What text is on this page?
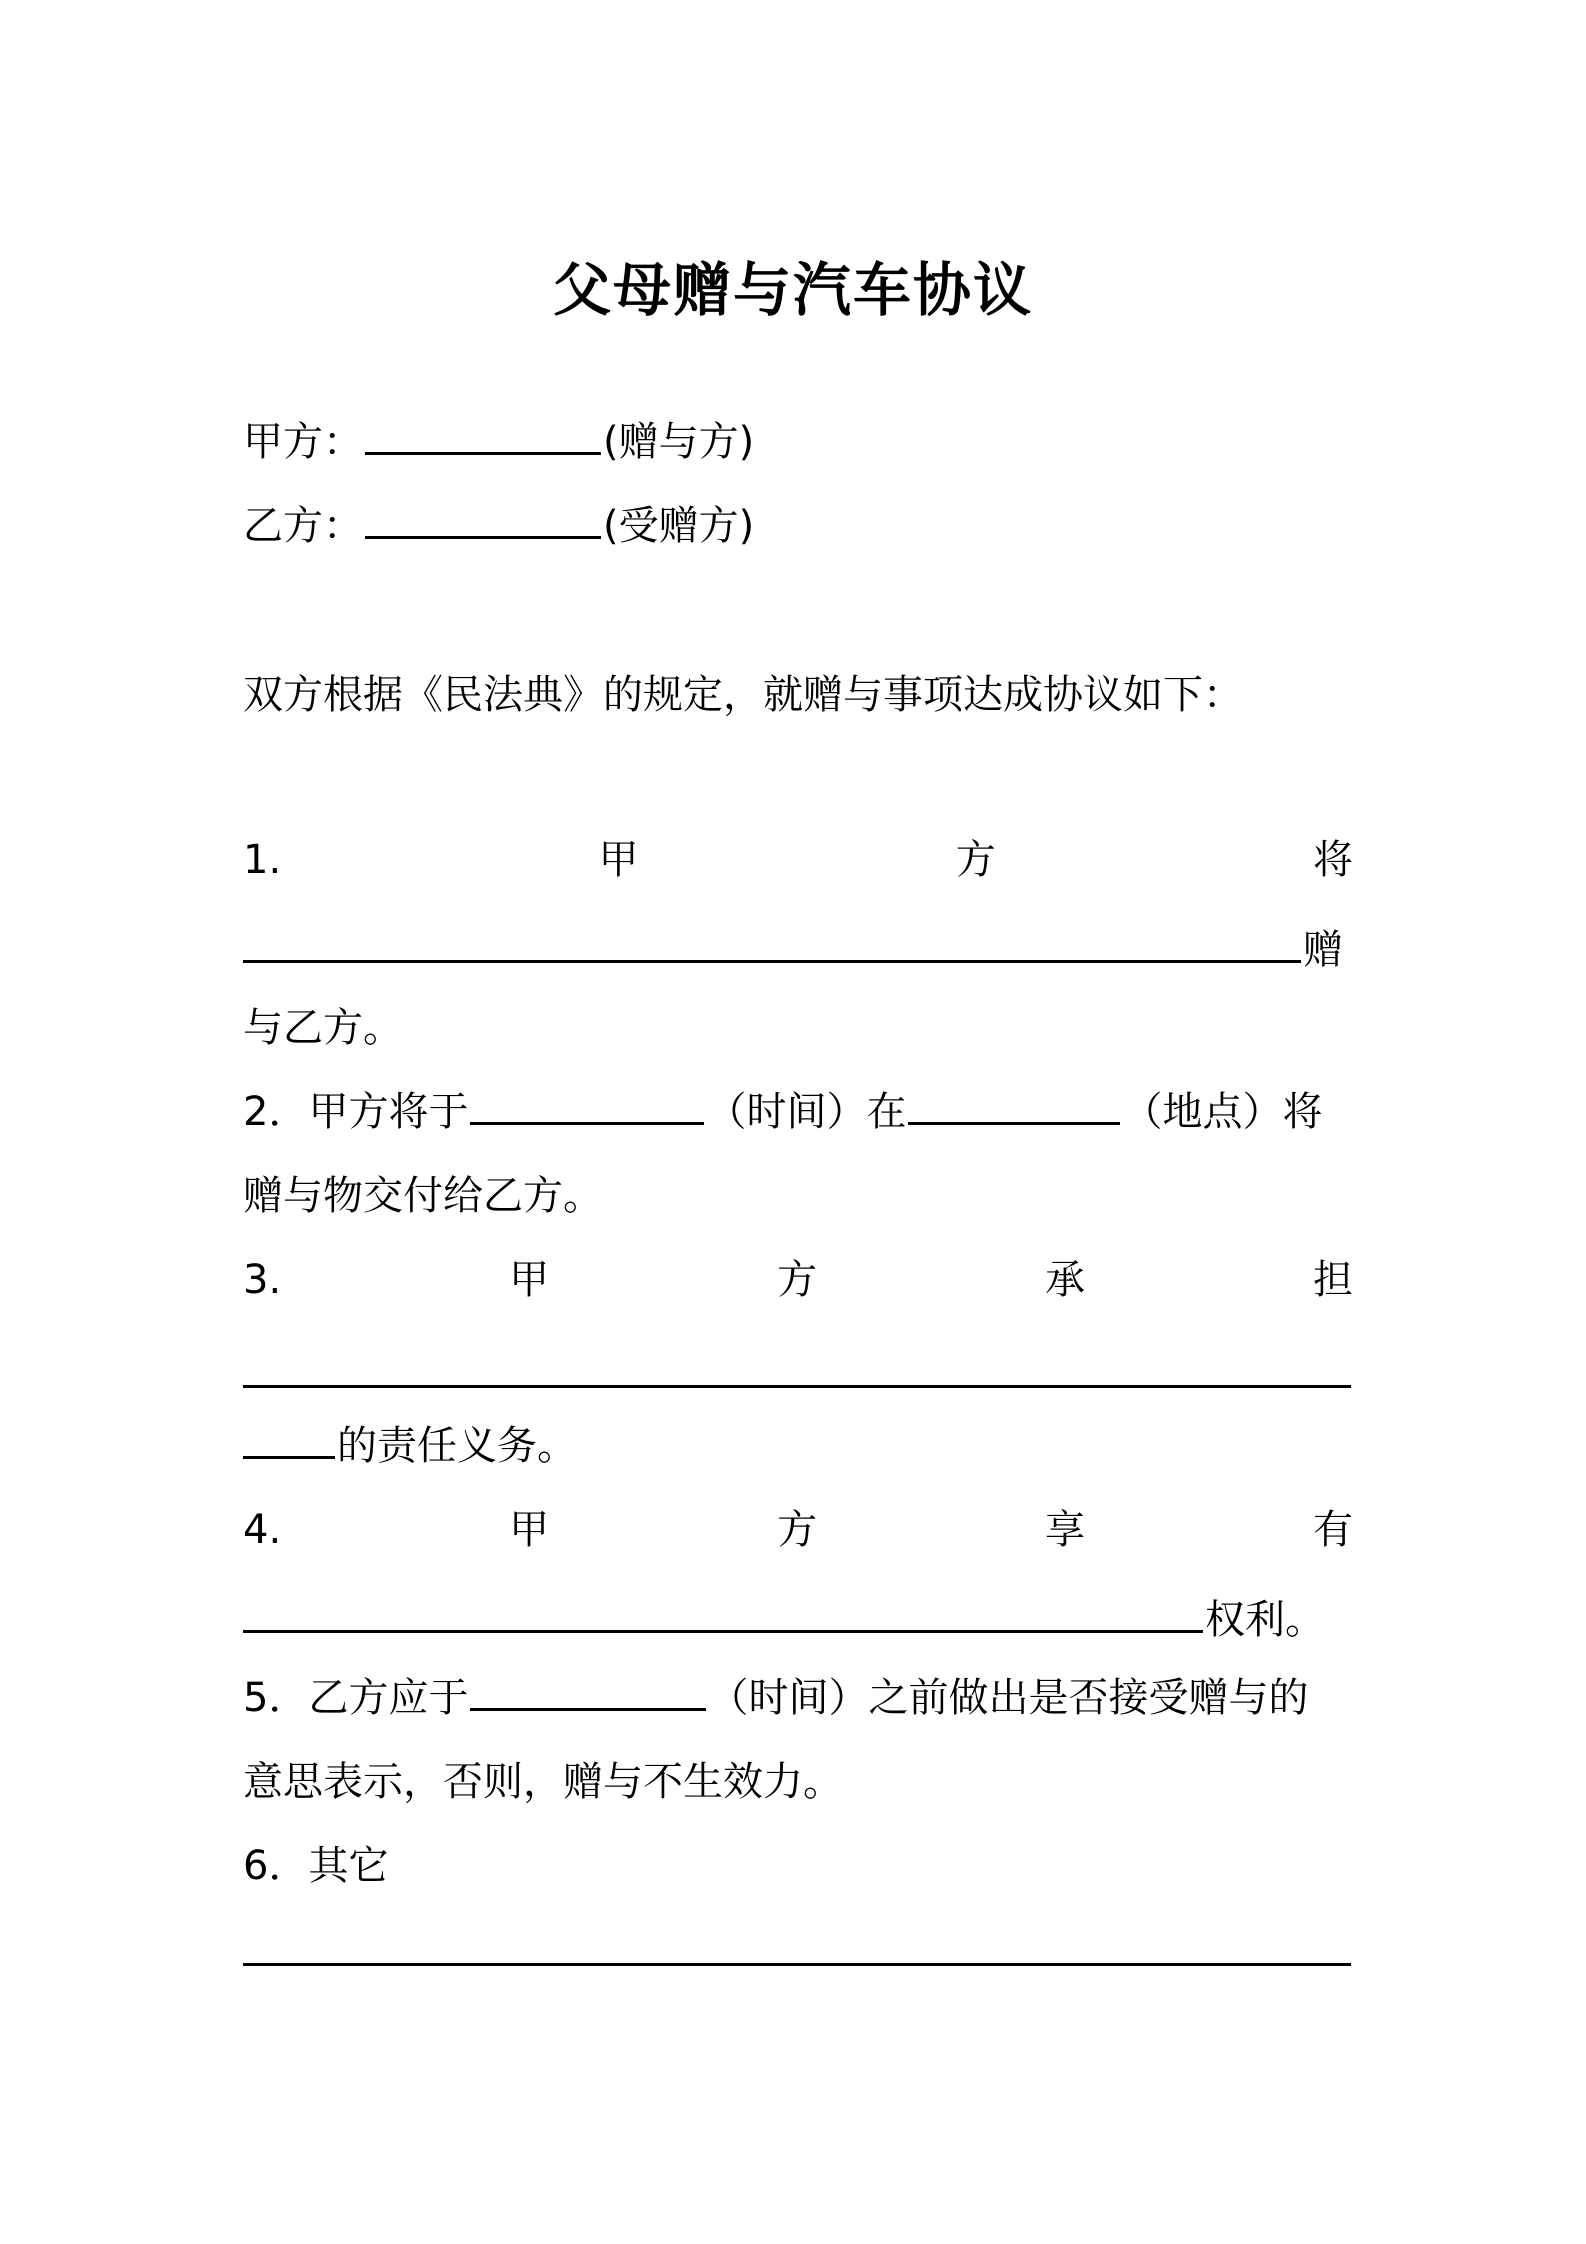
父母赠与汽车协议
甲方：	(赠与方)
乙方：	(受赠方)
双方根据《民法典》的规定，就赠与事项达成协议如下：
1.	甲	方	将
赠
与乙方。
2．甲方将于	（时间）在	（地点）将
赠与物交付给乙方。
3.	甲	方	承	担
的责任义务。
4.	甲	方	享	有
权利。
5．乙方应于	（时间）之前做出是否接受赠与的
意思表示，否则，赠与不生效力。
6．其它
